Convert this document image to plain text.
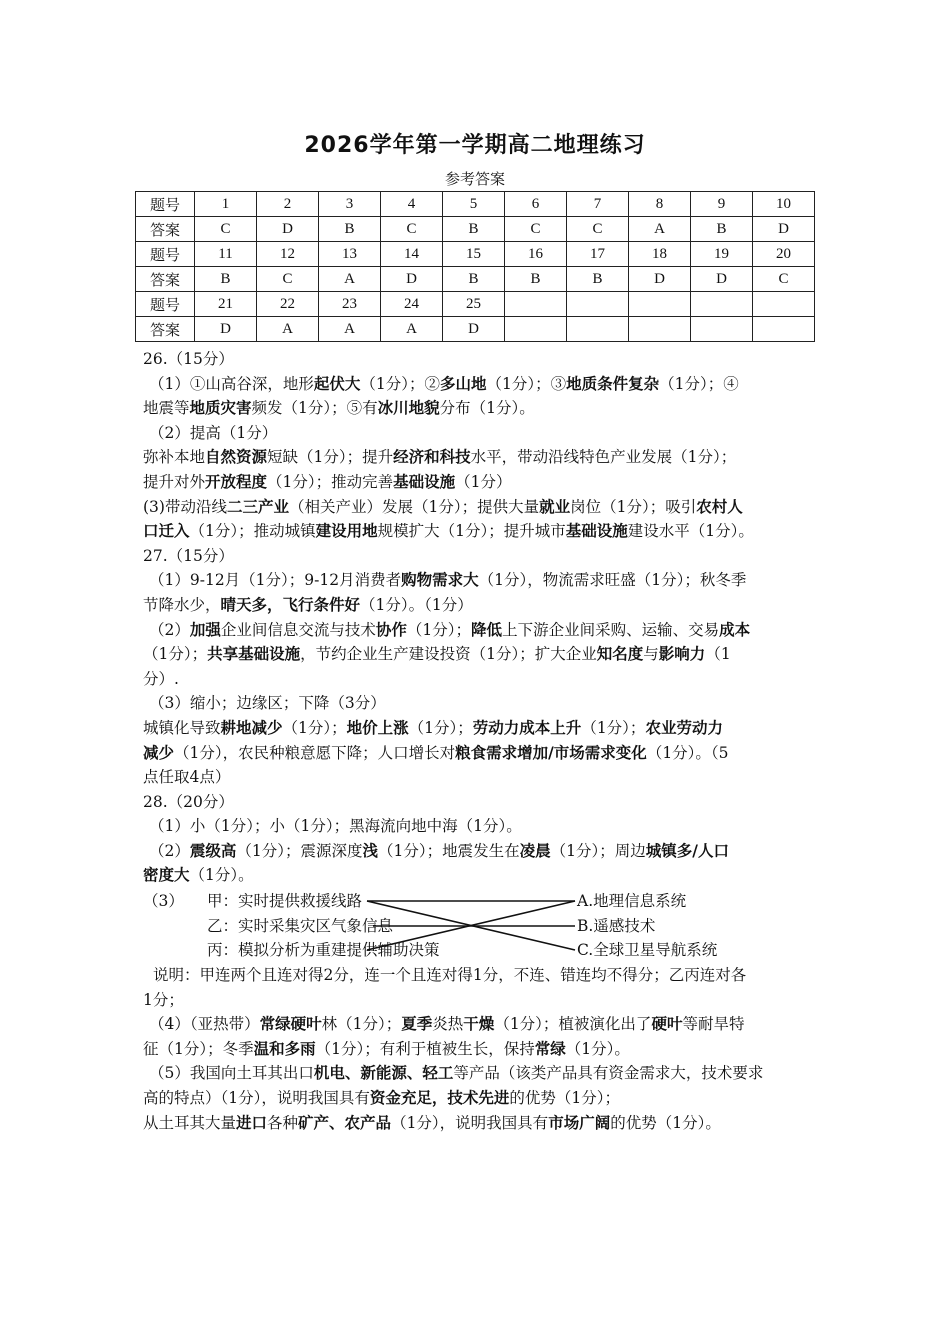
2026学年第一学期高二地理练习
参考答案
题号	1	2	3	4	5	6	7	8	9	10
答案	C	D	B	C	B	C	C	A	B	D
题号	11	12	13	14	15	16	17	18	19	20
答案	B	C	A	D	B	B	B	D	D	C
题号	21	22	23	24	25					
答案	D	A	A	A	D					

26.（15分）

（1）①山高谷深，地形起伏大（1分）；②多山地（1分）；③地质条件复杂（1分）；④

地震等地质灾害频发（1分）；⑤有冰川地貌分布（1分）。

（2）提高（1分）

弥补本地自然资源短缺（1分）；提升经济和科技水平，带动沿线特色产业发展（1分）；

提升对外开放程度（1分）；推动完善基础设施（1分）

(3)带动沿线二三产业（相关产业）发展（1分）；提供大量就业岗位（1分）；吸引农村人

口迁入（1分）；推动城镇建设用地规模扩大（1分）；提升城市基础设施建设水平（1分）。

27.（15分）

（1）9-12月（1分）；9-12月消费者购物需求大（1分），物流需求旺盛（1分）；秋冬季

节降水少，晴天多，飞行条件好（1分）。（1分）

（2）加强企业间信息交流与技术协作（1分）；降低上下游企业间采购、运输、交易成本

（1分）；共享基础设施，节约企业生产建设投资（1分）；扩大企业知名度与影响力（1

分）.

（3）缩小；边缘区；下降（3分）

城镇化导致耕地减少（1分）；地价上涨（1分）；劳动力成本上升（1分）；农业劳动力

减少（1分），农民种粮意愿下降；人口增长对粮食需求增加/市场需求变化（1分）。（5

点任取4点）

28.（20分）

（1）小（1分）；小（1分）；黑海流向地中海（1分）。

（2）震级高（1分）；震源深度浅（1分）；地震发生在凌晨（1分）；周边城镇多/人口

密度大（1分）。

（3） 甲：实时提供救援线路
乙：实时采集灾区气象信息
丙：模拟分析为重建提供辅助决策
A.地理信息系统
B.遥感技术
C.全球卫星导航系统

说明：甲连两个且连对得2分，连一个且连对得1分，不连、错连均不得分；乙丙连对各

1分；

（4）（亚热带）常绿硬叶林（1分）；夏季炎热干燥（1分）；植被演化出了硬叶等耐旱特

征（1分）；冬季温和多雨（1分）；有利于植被生长，保持常绿（1分）。

（5）我国向土耳其出口机电、新能源、轻工等产品（该类产品具有资金需求大，技术要求

高的特点）（1分），说明我国具有资金充足，技术先进的优势（1分）；

从土耳其大量进口各种矿产、农产品（1分），说明我国具有市场广阔的优势（1分）。
